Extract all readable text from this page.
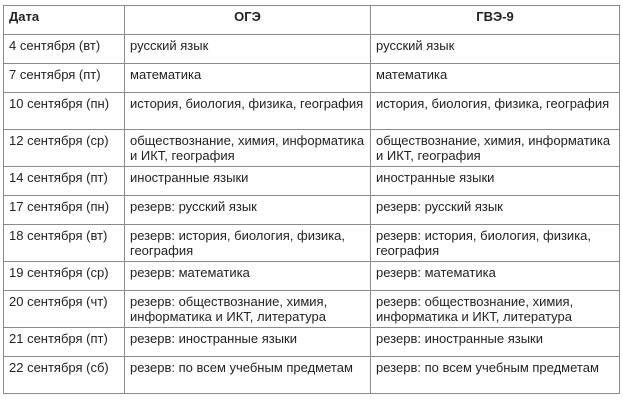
Дата	ОГЭ	ГВЭ-9
4 сентября (вт)	русский язык	русский язык
7 сентября (пт)	математика	математика
10 сентября (пн)	история, биология, физика, география	история, биология, физика, география
12 сентября (ср)	обществознание, химия, информатика и ИКТ, география	обществознание, химия, информатика и ИКТ, география
14 сентября (пт)	иностранные языки	иностранные языки
17 сентября (пн)	резерв: русский язык	резерв: русский язык
18 сентября (вт)	резерв: история, биология, физика, география	резерв: история, биология, физика, география
19 сентября (ср)	резерв: математика	резерв: математика
20 сентября (чт)	резерв: обществознание, химия, информатика и ИКТ, литература	резерв: обществознание, химия, информатика и ИКТ, литература
21 сентября (пт)	резерв: иностранные языки	резерв: иностранные языки
22 сентября (сб)	резерв: по всем учебным предметам	резерв: по всем учебным предметам
